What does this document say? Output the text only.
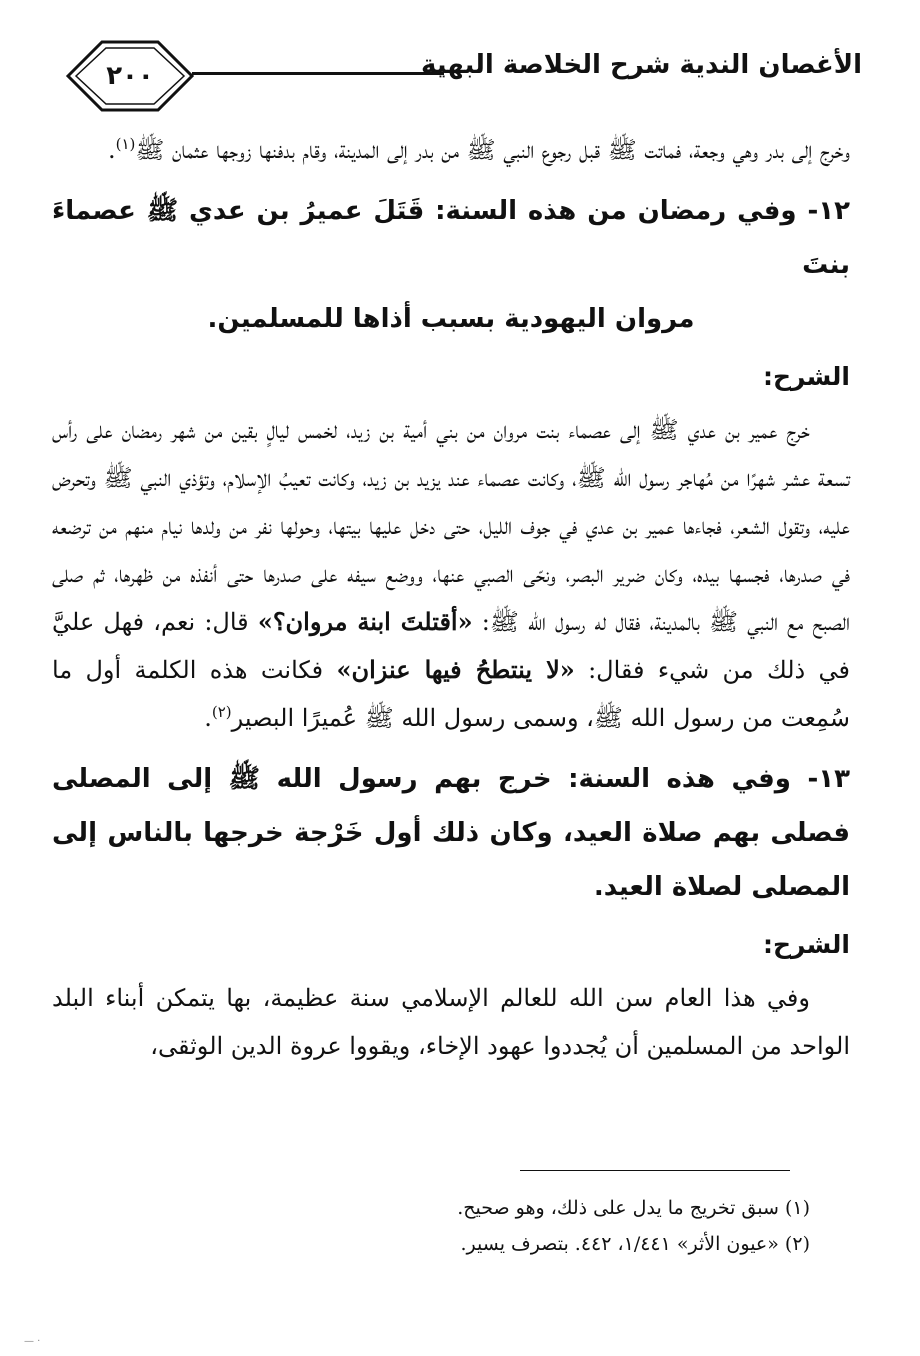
٢٠٠	الأغصان الندية شرح الخلاصة البهية

وخرج إلى بدر وهي وجعة، فماتت ﷺ قبل رجوع النبي ﷺ من بدر إلى المدينة، وقام بدفنها زوجها عثمان ﷺ$^{(١)}$.

١٢- وفي رمضان من هذه السنة: قَتَلَ عميرُ بن عدي ﷺ عصماءَ بنتَ
مروان اليهودية بسبب أذاها للمسلمين.
الشرح:

خرج عمير بن عدي ﷺ إلى عصماء بنت مروان من بني أمية بن زيد، لخمس ليالٍ بقين من شهر رمضان على رأس تسعة عشر شهرًا من مُهاجر رسول الله ﷺ، وكانت عصماء عند يزيد بن زيد، وكانت تعيبُ الإسلام، وتؤذي النبي ﷺ وتحرض عليه، وتقول الشعر، فجاءها عمير بن عدي في جوف الليل، حتى دخل عليها بيتها، وحولها نفر من ولدها نيام منهم من ترضعه في صدرها، فجسها بيده، وكان ضرير البصر، ونحّى الصبي عنها، ووضع سيفه على صدرها حتى أنفذه من ظهرها، ثم صلى الصبح مع النبي ﷺ بالمدينة، فقال له رسول الله ﷺ: «أقتلتَ ابنة مروان؟» قال: نعم، فهل عليَّ في ذلك من شيء فقال: «لا ينتطحُ فيها عنزان» فكانت هذه الكلمة أول ما سُمِعت من رسول الله ﷺ، وسمى رسول الله ﷺ عُميرًا البصير$^{(٢)}$.

١٣- وفي هذه السنة: خرج بهم رسول الله ﷺ إلى المصلى فصلى بهم صلاة العيد، وكان ذلك أول خَرْجة خرجها بالناس إلى المصلى لصلاة العيد.
الشرح:

وفي هذا العام سن الله للعالم الإسلامي سنة عظيمة، بها يتمكن أبناء البلد الواحد من المسلمين أن يُجددوا عهود الإخاء، ويقووا عروة الدين الوثقى،

(١) سبق تخريج ما يدل على ذلك، وهو صحيح.

(٢) «عيون الأثر» ١/٤٤١، ٤٤٢. بتصرف يسير.

— ·
